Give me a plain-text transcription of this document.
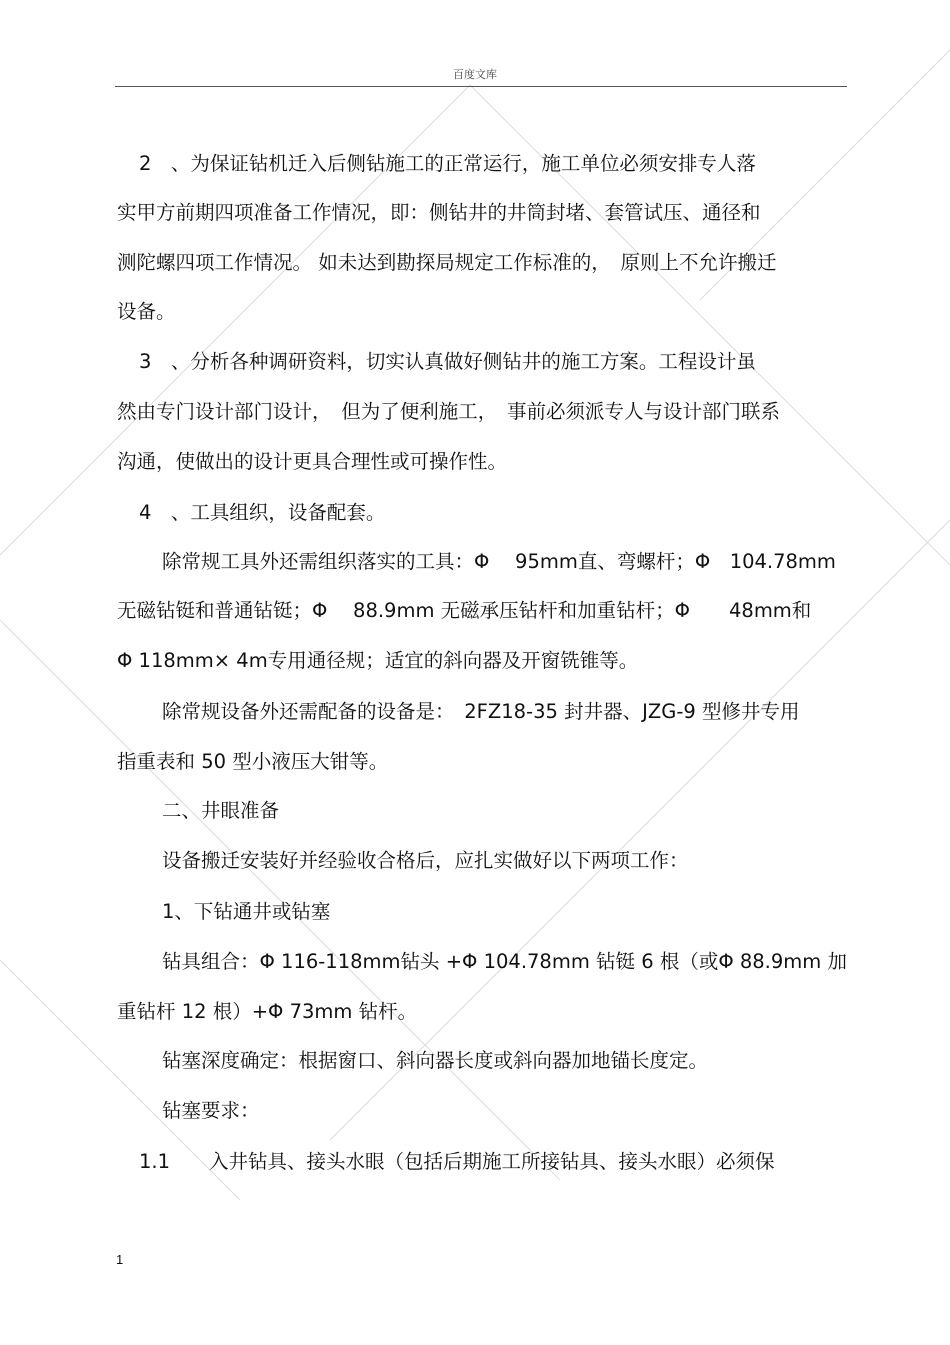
百度文库
2　、为保证钻机迁入后侧钻施工的正常运行，施工单位必须安排专人落
实甲方前期四项准备工作情况，即：侧钻井的井筒封堵、套管试压、通径和
测陀螺四项工作情况。 如未达到勘探局规定工作标准的，　原则上不允许搬迁
设备。
3　、分析各种调研资料，切实认真做好侧钻井的施工方案。工程设计虽
然由专门设计部门设计，　但为了便利施工，　事前必须派专人与设计部门联系
沟通，使做出的设计更具合理性或可操作性。
4　、工具组织，设备配套。
除常规工具外还需组织落实的工具：Φ　 95mm直、弯螺杆；Φ　104.78mm
无磁钻铤和普通钻铤；Φ　 88.9mm 无磁承压钻杆和加重钻杆；Φ　　48mm和
Φ 118mm× 4m专用通径规；适宜的斜向器及开窗铣锥等。
除常规设备外还需配备的设备是：　2FZ18-35 封井器、JZG-9 型修井专用
指重表和 50 型小液压大钳等。
二、井眼准备
设备搬迁安装好并经验收合格后，应扎实做好以下两项工作：
1、下钻通井或钻塞
钻具组合：Φ 116-118mm钻头 +Φ 104.78mm 钻铤 6 根（或Φ 88.9mm 加
重钻杆 12 根）+Φ 73mm 钻杆。
钻塞深度确定：根据窗口、斜向器长度或斜向器加地锚长度定。
钻塞要求：
1.1　　入井钻具、接头水眼（包括后期施工所接钻具、接头水眼）必须保
1
